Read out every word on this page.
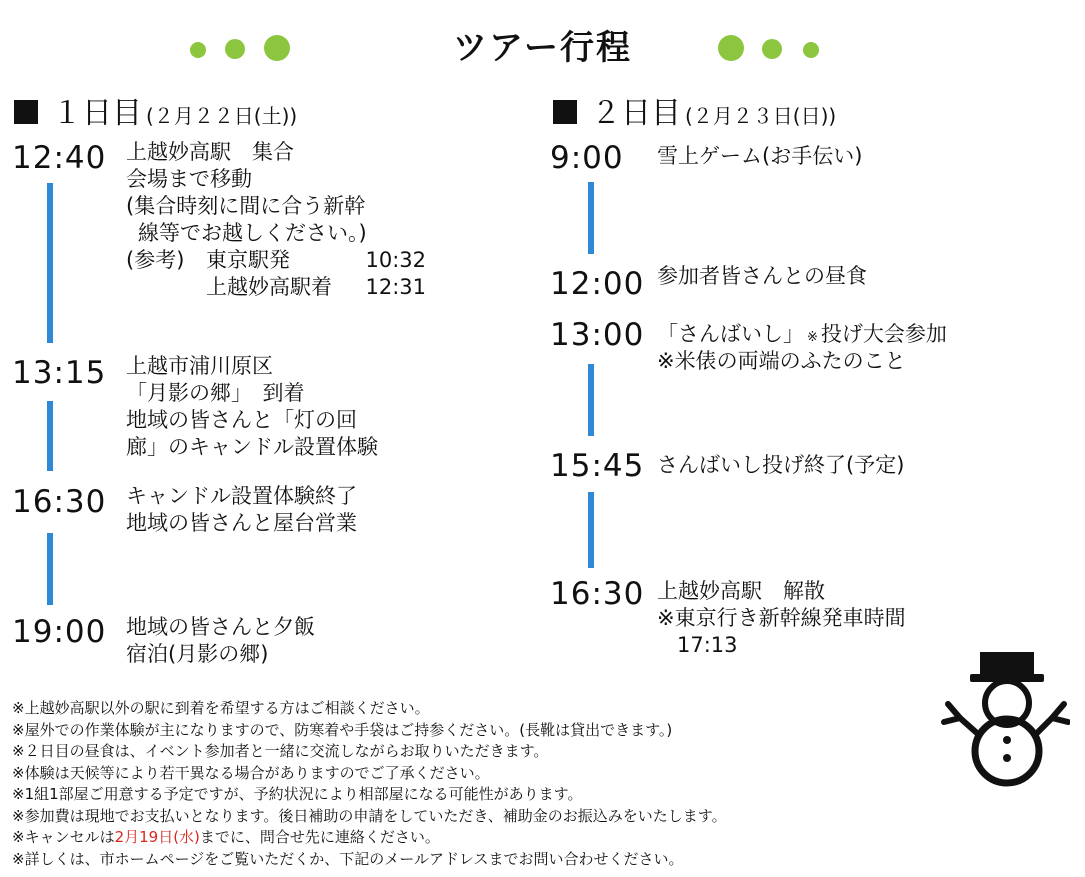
ツアー行程
１日目 (２月２２日(土))
12:40 上越妙高駅　集合
会場まで移動
(集合時刻に間に合う新幹
線等でお越しください。)
(参考)	東京駅発	10:32
上越妙高駅着	12:31
13:15 上越市浦川原区
「月影の郷」　到着
地域の皆さんと「灯の回
廊」のキャンドル設置体験
16:30 キャンドル設置体験終了
地域の皆さんと屋台営業
19:00 地域の皆さんと夕飯
宿泊(月影の郷)
２日目 (２月２３日(日))
9:00 雪上ゲーム(お手伝い)
12:00 参加者皆さんとの昼食
13:00 「さんばいし」 ※ 投げ大会参加
※米俵の両端のふたのこと
15:45 さんばいし投げ終了(予定)
16:30 上越妙高駅　解散
※東京行き新幹線発車時間
17:13
※上越妙高駅以外の駅に到着を希望する方はご相談ください。
※屋外での作業体験が主になりますので、防寒着や手袋はご持参ください。(長靴は貸出できます。)
※２日目の昼食は、イベント参加者と一緒に交流しながらお取りいただきます。
※体験は天候等により若干異なる場合がありますのでご了承ください。
※1組1部屋ご用意する予定ですが、予約状況により相部屋になる可能性があります。
※参加費は現地でお支払いとなります。後日補助の申請をしていただき、補助金のお振込みをいたします。
※キャンセルは2月19日(水)までに、問合せ先に連絡ください。
※詳しくは、市ホームページをご覧いただくか、下記のメールアドレスまでお問い合わせください。
